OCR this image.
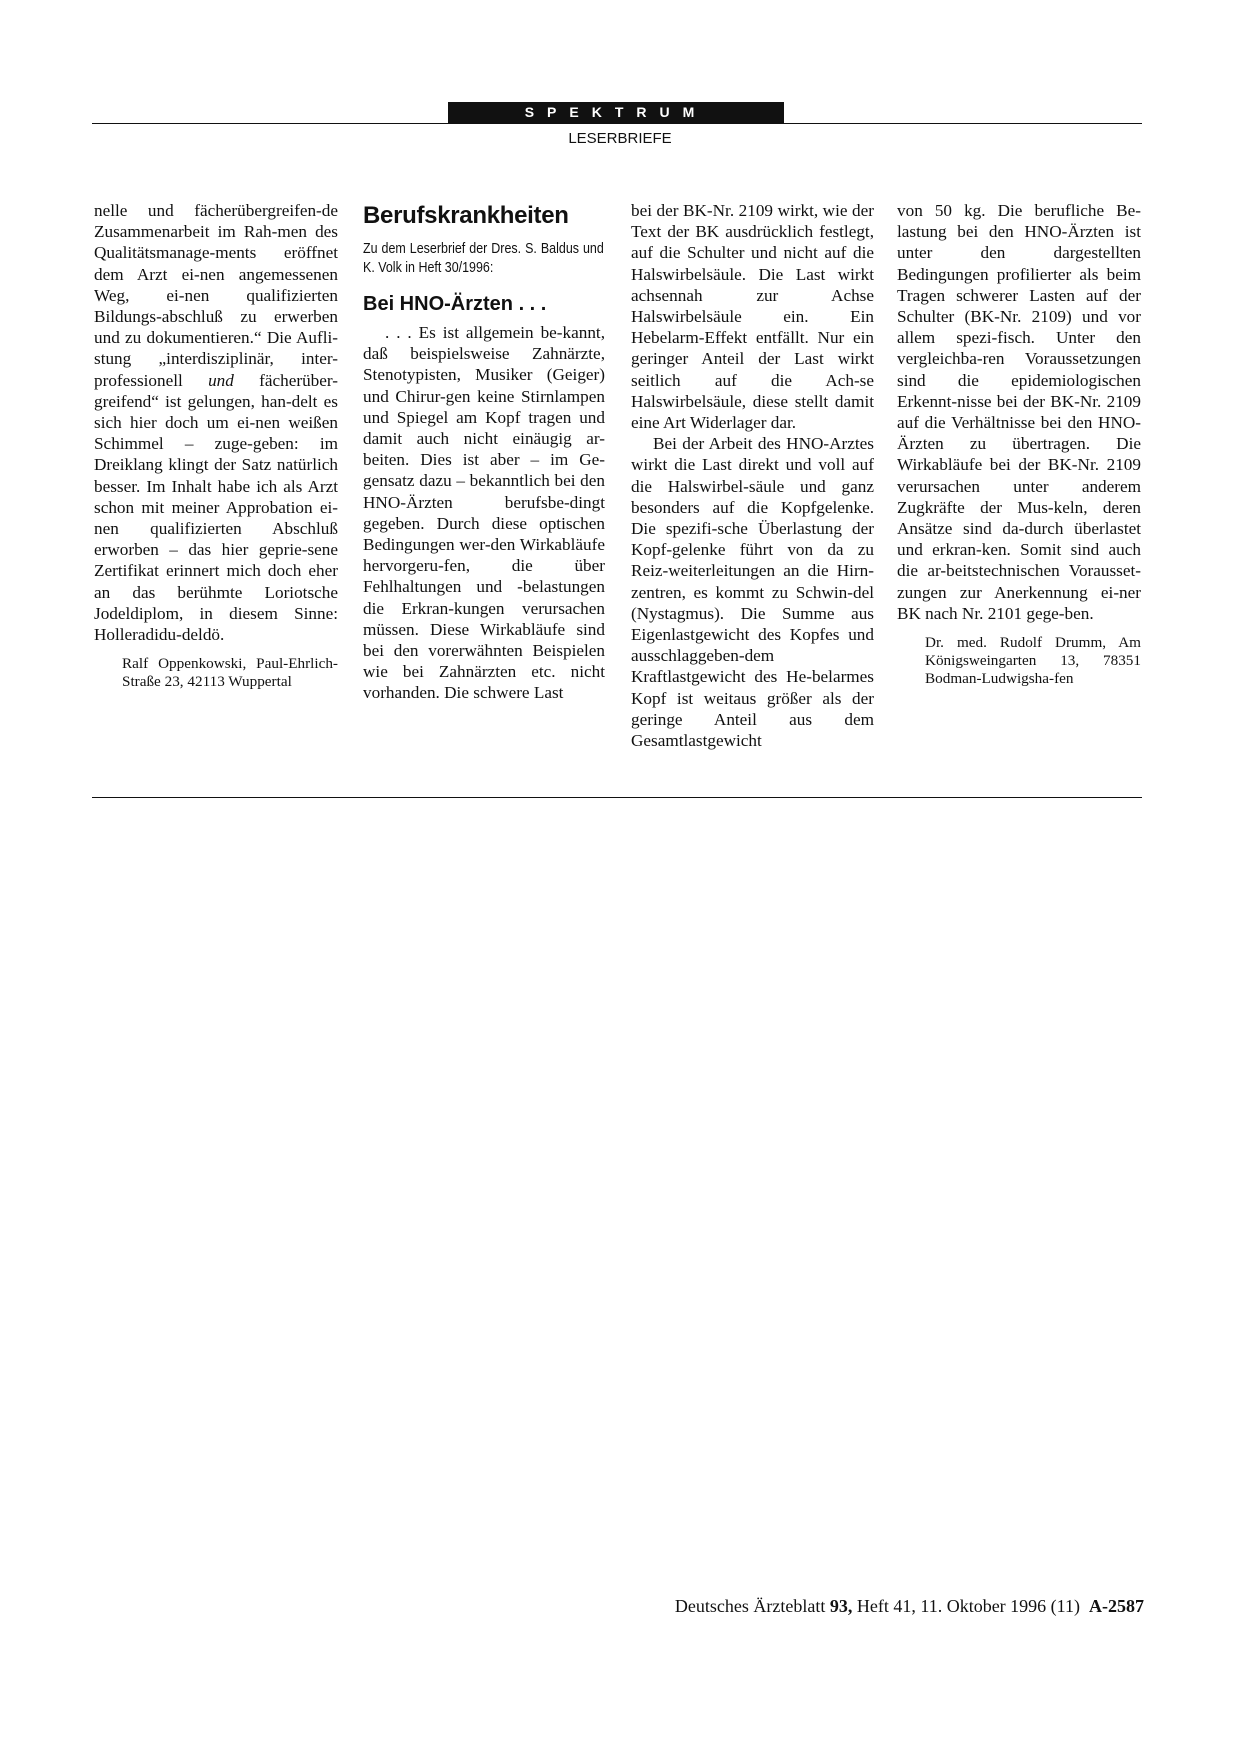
SPEKTRUM
LESERBRIEFE

nelle und fächerübergreifen-de Zusammenarbeit im Rah-men des Qualitätsmanage-ments eröffnet dem Arzt ei-nen angemessenen Weg, ei-nen qualifizierten Bildungs-abschluß zu erwerben und zu dokumentieren.“ Die Aufli-stung „interdisziplinär, inter-professionell und fächerüber-greifend“ ist gelungen, han-delt es sich hier doch um ei-nen weißen Schimmel – zuge-geben: im Dreiklang klingt der Satz natürlich besser. Im Inhalt habe ich als Arzt schon mit meiner Approbation ei-nen qualifizierten Abschluß erworben – das hier geprie-sene Zertifikat erinnert mich doch eher an das berühmte Loriotsche Jodeldiplom, in diesem Sinne: Holleradidu-deldö.

Ralf Oppenkowski, Paul-Ehrlich-Straße 23, 42113 Wuppertal

Berufskrankheiten

Zu dem Leserbrief der Dres. S. Baldus und K. Volk in Heft 30/1996:

Bei HNO-Ärzten . . .

. . . Es ist allgemein be-kannt, daß beispielsweise Zahnärzte, Stenotypisten, Musiker (Geiger) und Chirur-gen keine Stirnlampen und Spiegel am Kopf tragen und damit auch nicht einäugig ar-beiten. Dies ist aber – im Ge-gensatz dazu – bekanntlich bei den HNO-Ärzten berufsbe-dingt gegeben. Durch diese optischen Bedingungen wer-den Wirkabläufe hervorgeru-fen, die über Fehlhaltungen und -belastungen die Erkran-kungen verursachen müssen. Diese Wirkabläufe sind bei den vorerwähnten Beispielen wie bei Zahnärzten etc. nicht vorhanden. Die schwere Last

bei der BK-Nr. 2109 wirkt, wie der Text der BK ausdrücklich festlegt, auf die Schulter und nicht auf die Halswirbelsäule. Die Last wirkt achsennah zur Achse Halswirbelsäule ein. Ein Hebelarm-Effekt entfällt. Nur ein geringer Anteil der Last wirkt seitlich auf die Ach-se Halswirbelsäule, diese stellt damit eine Art Widerlager dar.

Bei der Arbeit des HNO-Arztes wirkt die Last direkt und voll auf die Halswirbel-säule und ganz besonders auf die Kopfgelenke. Die spezifi-sche Überlastung der Kopf-gelenke führt von da zu Reiz-weiterleitungen an die Hirn-zentren, es kommt zu Schwin-del (Nystagmus). Die Summe aus Eigenlastgewicht des Kopfes und ausschlaggeben-dem Kraftlastgewicht des He-belarmes Kopf ist weitaus größer als der geringe Anteil aus dem Gesamtlastgewicht

von 50 kg. Die berufliche Be-lastung bei den HNO-Ärzten ist unter den dargestellten Bedingungen profilierter als beim Tragen schwerer Lasten auf der Schulter (BK-Nr. 2109) und vor allem spezi-fisch. Unter den vergleichba-ren Voraussetzungen sind die epidemiologischen Erkennt-nisse bei der BK-Nr. 2109 auf die Verhältnisse bei den HNO-Ärzten zu übertragen. Die Wirkabläufe bei der BK-Nr. 2109 verursachen unter anderem Zugkräfte der Mus-keln, deren Ansätze sind da-durch überlastet und erkran-ken. Somit sind auch die ar-beitstechnischen Vorausset-zungen zur Anerkennung ei-ner BK nach Nr. 2101 gege-ben.

Dr. med. Rudolf Drumm, Am Königsweingarten 13, 78351 Bodman-Ludwigsha-fen

Deutsches Ärzteblatt 93, Heft 41, 11. Oktober 1996 (11) A-2587
